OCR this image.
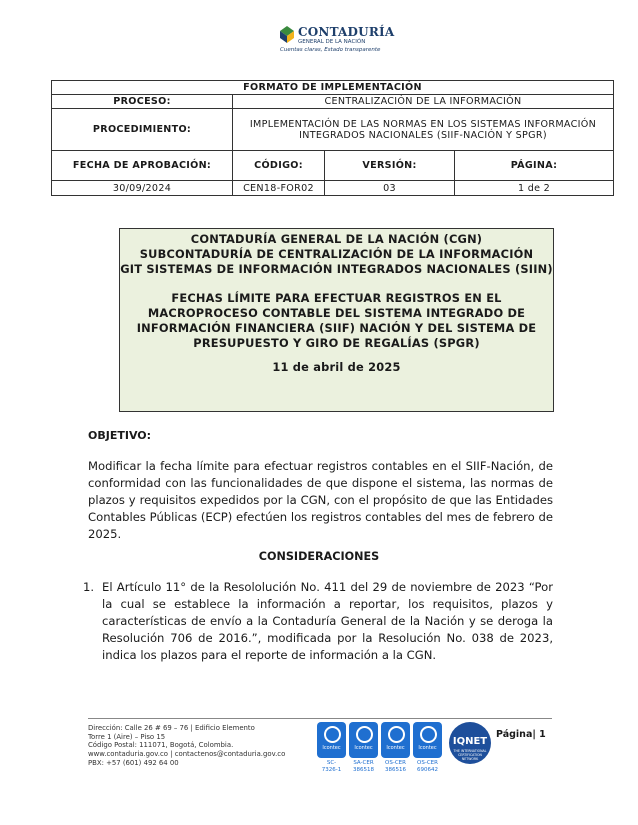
CONTADURÍA
GENERAL DE LA NACIÓN
Cuentas claras, Estado transparente
FORMATO DE IMPLEMENTACIÓN			
PROCESO:	CENTRALIZACIÓN DE LA INFORMACIÓN		
PROCEDIMIENTO:	IMPLEMENTACIÓN DE LAS NORMAS EN LOS SISTEMAS INFORMACIÓN INTEGRADOS NACIONALES (SIIF-NACIÓN Y SPGR)		
FECHA DE APROBACIÓN:	CÓDIGO:	VERSIÓN:	PÁGINA:
30/09/2024	CEN18-FOR02	03	1 de 2
CONTADURÍA GENERAL DE LA NACIÓN (CGN)
SUBCONTADURÍA DE CENTRALIZACIÓN DE LA INFORMACIÓN
GIT SISTEMAS DE INFORMACIÓN INTEGRADOS NACIONALES (SIIN)
FECHAS LÍMITE PARA EFECTUAR REGISTROS EN EL MACROPROCESO CONTABLE DEL SISTEMA INTEGRADO DE INFORMACIÓN FINANCIERA (SIIF) NACIÓN Y DEL SISTEMA DE PRESUPUESTO Y GIRO DE REGALÍAS (SPGR)
11 de abril de 2025
OBJETIVO:
Modificar la fecha límite para efectuar registros contables en el SIIF-Nación, de conformidad con las funcionalidades de que dispone el sistema, las normas de plazos y requisitos expedidos por la CGN, con el propósito de que las Entidades Contables Públicas (ECP) efectúen los registros contables del mes de febrero de 2025.
CONSIDERACIONES
1. El Artículo 11° de la Resololución No. 411 del 29 de noviembre de 2023 “Por la cual se establece la información a reportar, los requisitos, plazos y características de envío a la Contaduría General de la Nación y se deroga la Resolución 706 de 2016.”, modificada por la Resolución No. 038 de 2023, indica los plazos para el reporte de información a la CGN.
Dirección: Calle 26 # 69 – 76 | Edificio Elemento
Torre 1 (Aire) – Piso 15
Código Postal: 111071, Bogotá, Colombia.
www.contaduria.gov.co | contactenos@contaduria.gov.co
PBX: +57 (601) 492 64 00
Icontec
SC-
7326-1
Icontec
SA-CER
386518
Icontec
OS-CER
386516
Icontec
OS-CER
690642
IQNET
THE INTERNATIONAL CERTIFICATION NETWORK
Página| 1
